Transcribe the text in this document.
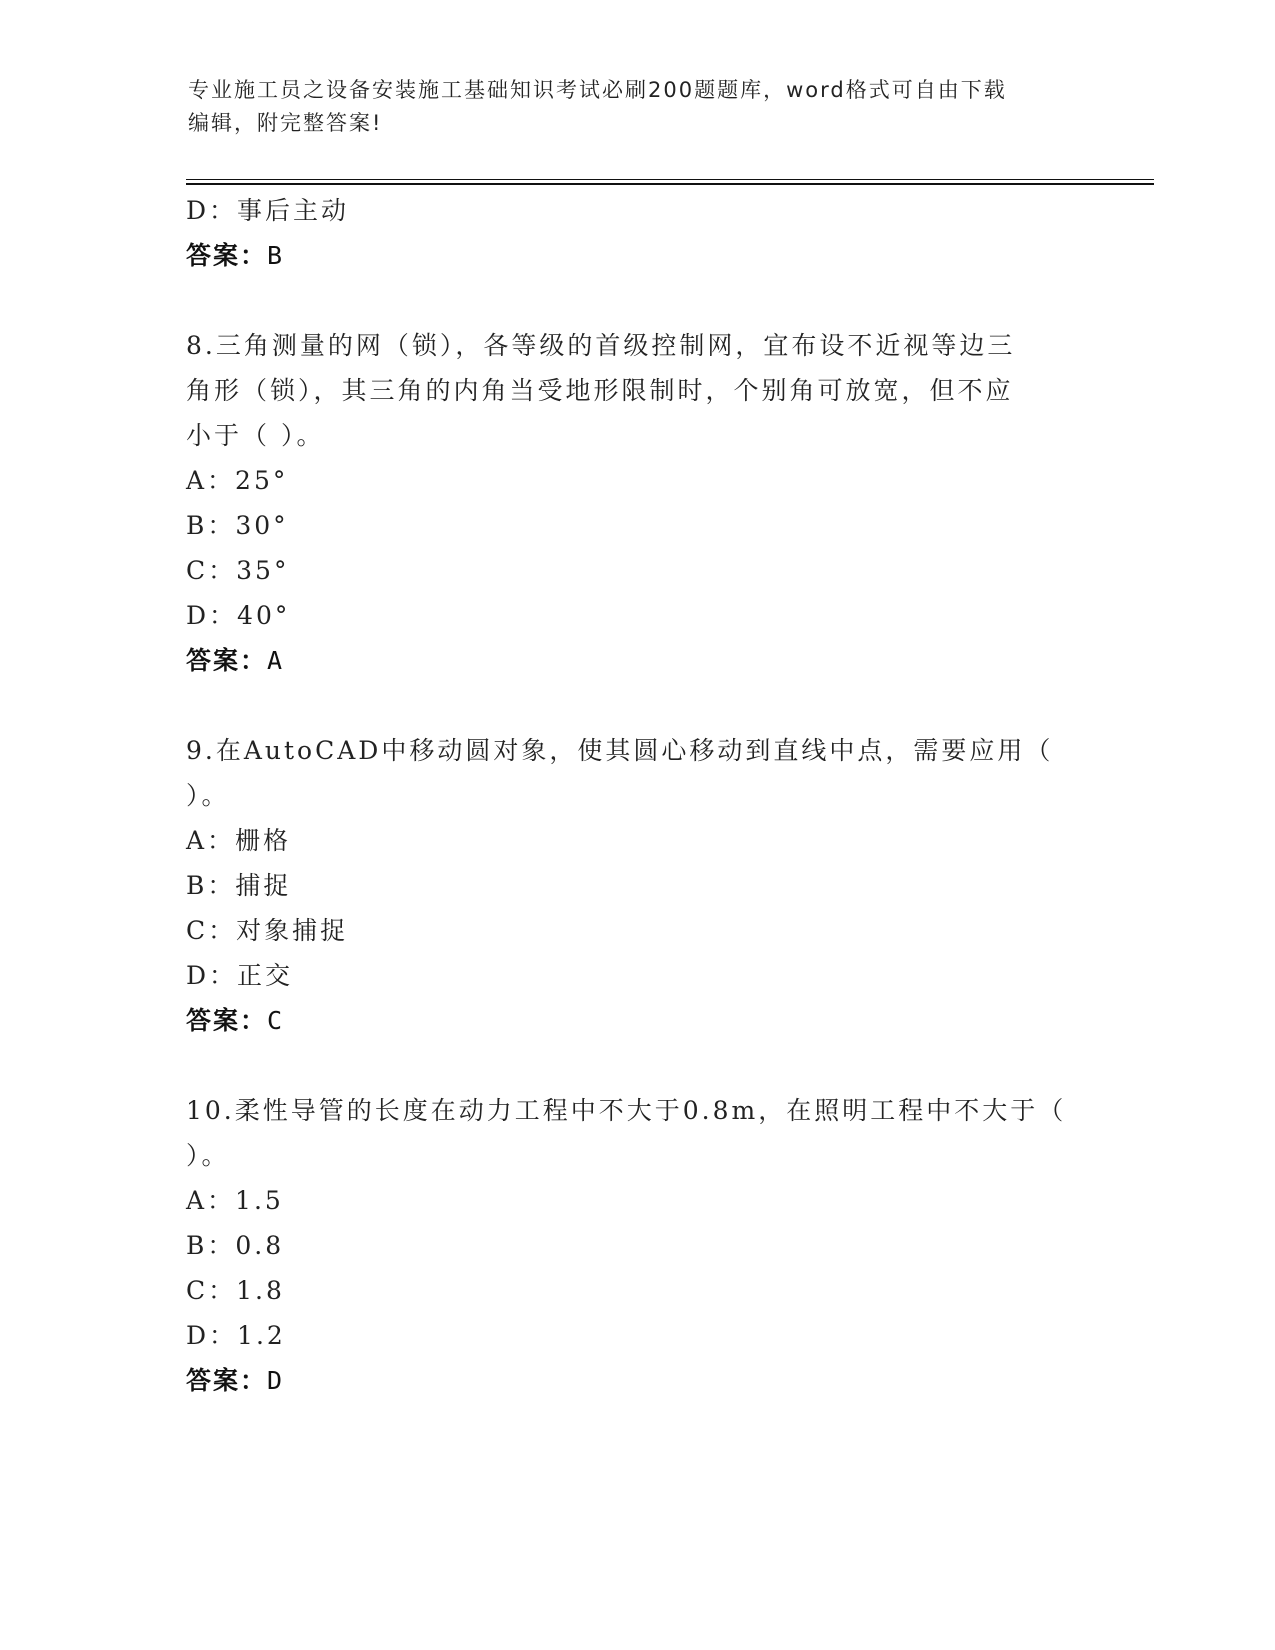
专业施工员之设备安装施工基础知识考试必刷200题题库，word格式可自由下载
编辑，附完整答案!
D：事后主动
答案：B
8.三角测量的网（锁），各等级的首级控制网，宜布设不近视等边三
角形（锁），其三角的内角当受地形限制时，个别角可放宽，但不应
小于（ ）。
A：25°
B：30°
C：35°
D：40°
答案：A
9.在AutoCAD中移动圆对象，使其圆心移动到直线中点，需要应用（
）。
A：栅格
B：捕捉
C：对象捕捉
D：正交
答案：C
10.柔性导管的长度在动力工程中不大于0.8m，在照明工程中不大于（
）。
A：1.5
B：0.8
C：1.8
D：1.2
答案：D
